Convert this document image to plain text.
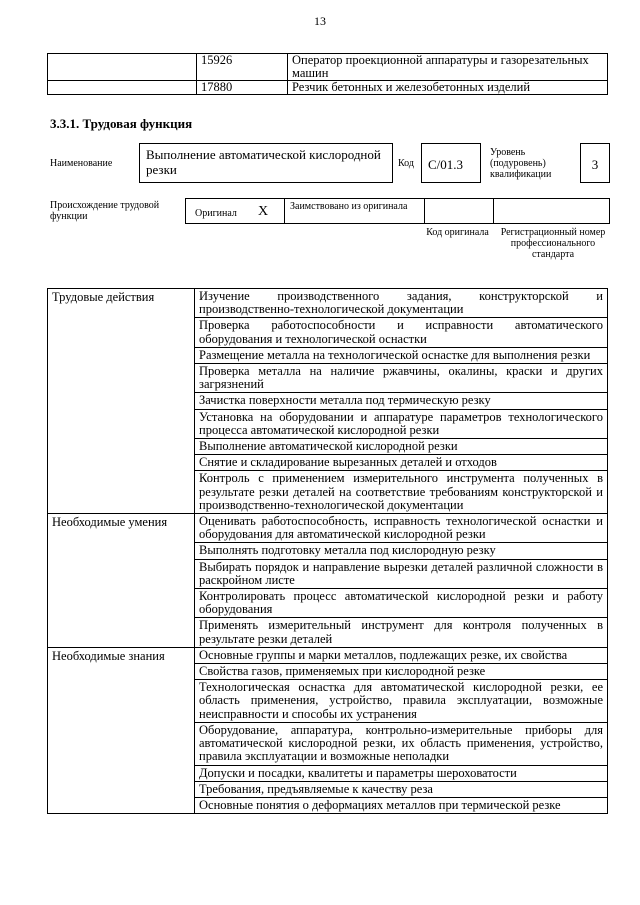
13
	15926	Оператор проекционной аппаратуры и газорезательных машин
	17880	Резчик бетонных и железобетонных изделий
3.3.1. Трудовая функция
Наименование
Выполнение автоматической кислородной резки	Код	С/01.3
Уровень (подуровень) квалификации
3
Происхождение трудовой функции	Оригинал X Заимствовано из оригинала
Код оригинала	Регистрационный номер профессионального стандарта
Трудовые действия	Изучение производственного задания, конструкторской и производственно-технологической документации
	Проверка работоспособности и исправности автоматического оборудования и технологической оснастки
	Размещение металла на технологической оснастке для выполнения резки
	Проверка металла на наличие ржавчины, окалины, краски и других загрязнений
	Зачистка поверхности металла под термическую резку
	Установка на оборудовании и аппаратуре параметров технологического процесса автоматической кислородной резки
	Выполнение автоматической кислородной резки
	Снятие и складирование вырезанных деталей и отходов
	Контроль с применением измерительного инструмента полученных в результате резки деталей на соответствие требованиям конструкторской и производственно-технологической документации
Необходимые умения	Оценивать работоспособность, исправность технологической оснастки и оборудования для автоматической кислородной резки
	Выполнять подготовку металла под кислородную резку
	Выбирать порядок и направление вырезки деталей различной сложности в раскройном листе
	Контролировать процесс автоматической кислородной резки и работу оборудования
	Применять измерительный инструмент для контроля полученных в результате резки деталей
Необходимые знания	Основные группы и марки металлов, подлежащих резке, их свойства
	Свойства газов, применяемых при кислородной резке
	Технологическая оснастка для автоматической кислородной резки, ее область применения, устройство, правила эксплуатации, возможные неисправности и способы их устранения
	Оборудование, аппаратура, контрольно-измерительные приборы для автоматической кислородной резки, их область применения, устройство, правила эксплуатации и возможные неполадки
	Допуски и посадки, квалитеты и параметры шероховатости
	Требования, предъявляемые к качеству реза
	Основные понятия о деформациях металлов при термической резке
